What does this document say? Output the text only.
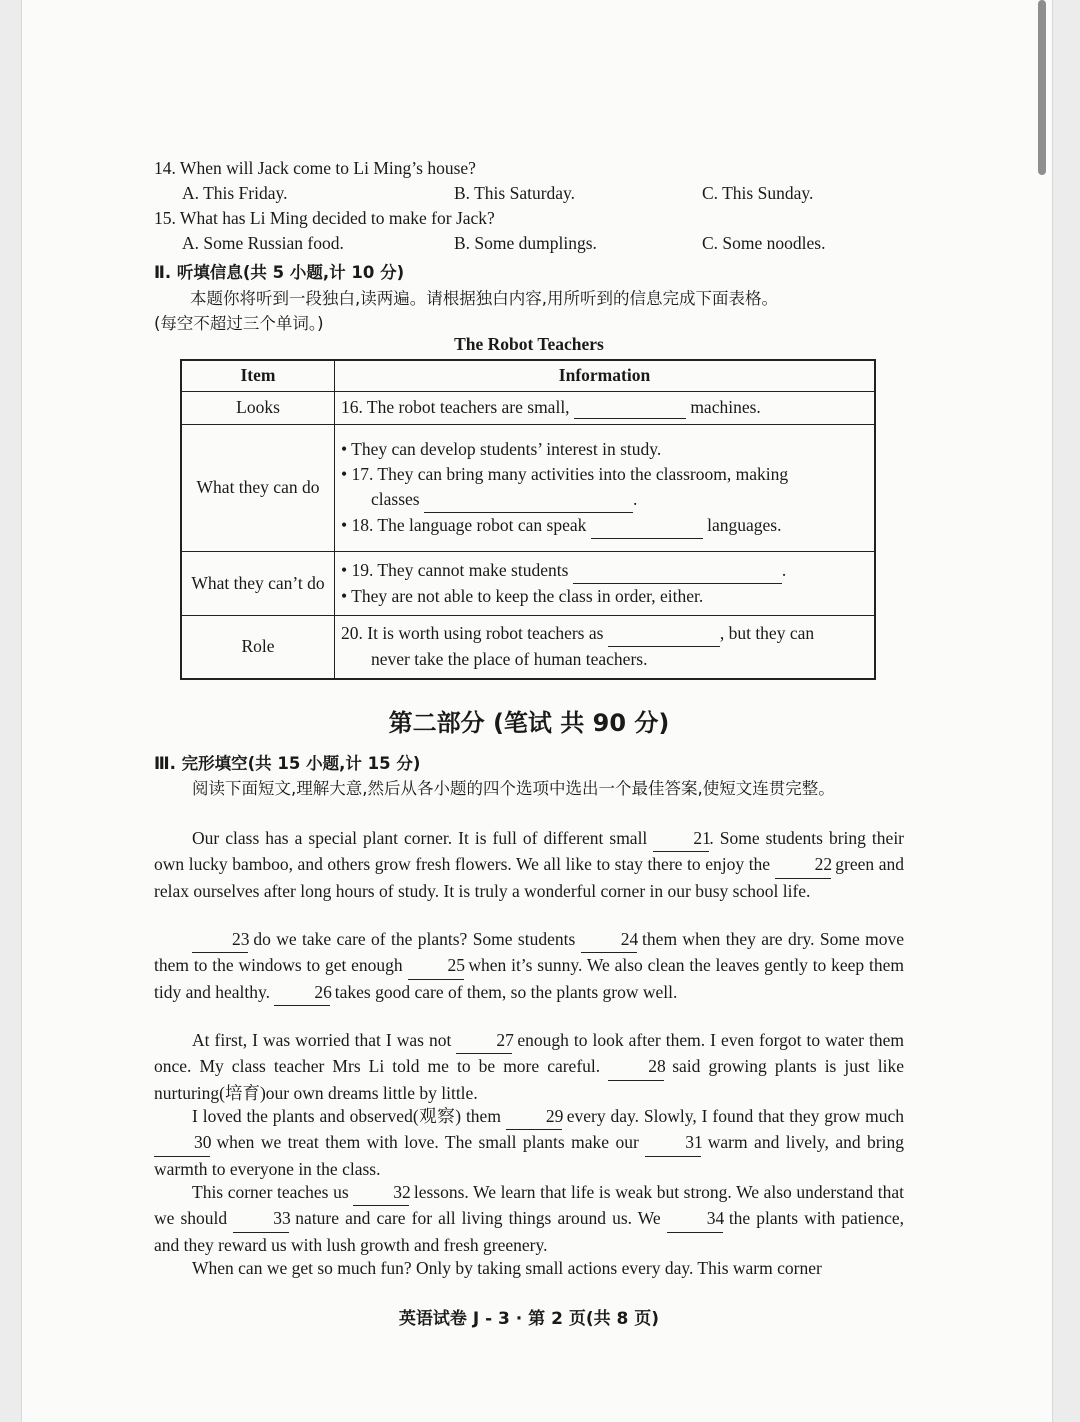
14. When will Jack come to Li Ming’s house?
A. This Friday.	B. This Saturday.	C. This Sunday.
15. What has Li Ming decided to make for Jack?
A. Some Russian food.	B. Some dumplings.	C. Some noodles.
Ⅱ. 听填信息(共 5 小题,计 10 分)
本题你将听到一段独白,读两遍。请根据独白内容,用所听到的信息完成下面表格。
(每空不超过三个单词。)
The Robot Teachers
Item	Information
Looks	16. The robot teachers are small, machines.
What they can do	• They can develop students’ interest in study.
• 17. They can bring many activities into the classroom, making
classes .
• 18. The language robot can speak languages.

What they can’t do	• 19. They cannot make students .
• They are not able to keep the class in order, either.

Role	20. It is worth using robot teachers as , but they can
never take the place of human teachers.
第二部分 (笔试 共 90 分)
Ⅲ. 完形填空(共 15 小题,计 15 分)
阅读下面短文,理解大意,然后从各小题的四个选项中选出一个最佳答案,使短文连贯完整。
Our class has a special plant corner. It is full of different small 21. Some students bring their own lucky bamboo, and others grow fresh flowers. We all like to stay there to enjoy the 22 green and relax ourselves after long hours of study. It is truly a wonderful corner in our busy school life.
23 do we take care of the plants? Some students 24 them when they are dry. Some move them to the windows to get enough 25 when it’s sunny. We also clean the leaves gently to keep them tidy and healthy. 26 takes good care of them, so the plants grow well.
At first, I was worried that I was not 27 enough to look after them. I even forgot to water them once. My class teacher Mrs Li told me to be more careful. 28 said growing plants is just like nurturing(培育)our own dreams little by little.
I loved the plants and observed(观察) them 29 every day. Slowly, I found that they grow much 30 when we treat them with love. The small plants make our 31 warm and lively, and bring warmth to everyone in the class.
This corner teaches us 32 lessons. We learn that life is weak but strong. We also understand that we should 33 nature and care for all living things around us. We 34 the plants with patience, and they reward us with lush growth and fresh greenery.
When can we get so much fun? Only by taking small actions every day. This warm corner
英语试卷 J - 3 · 第 2 页(共 8 页)
